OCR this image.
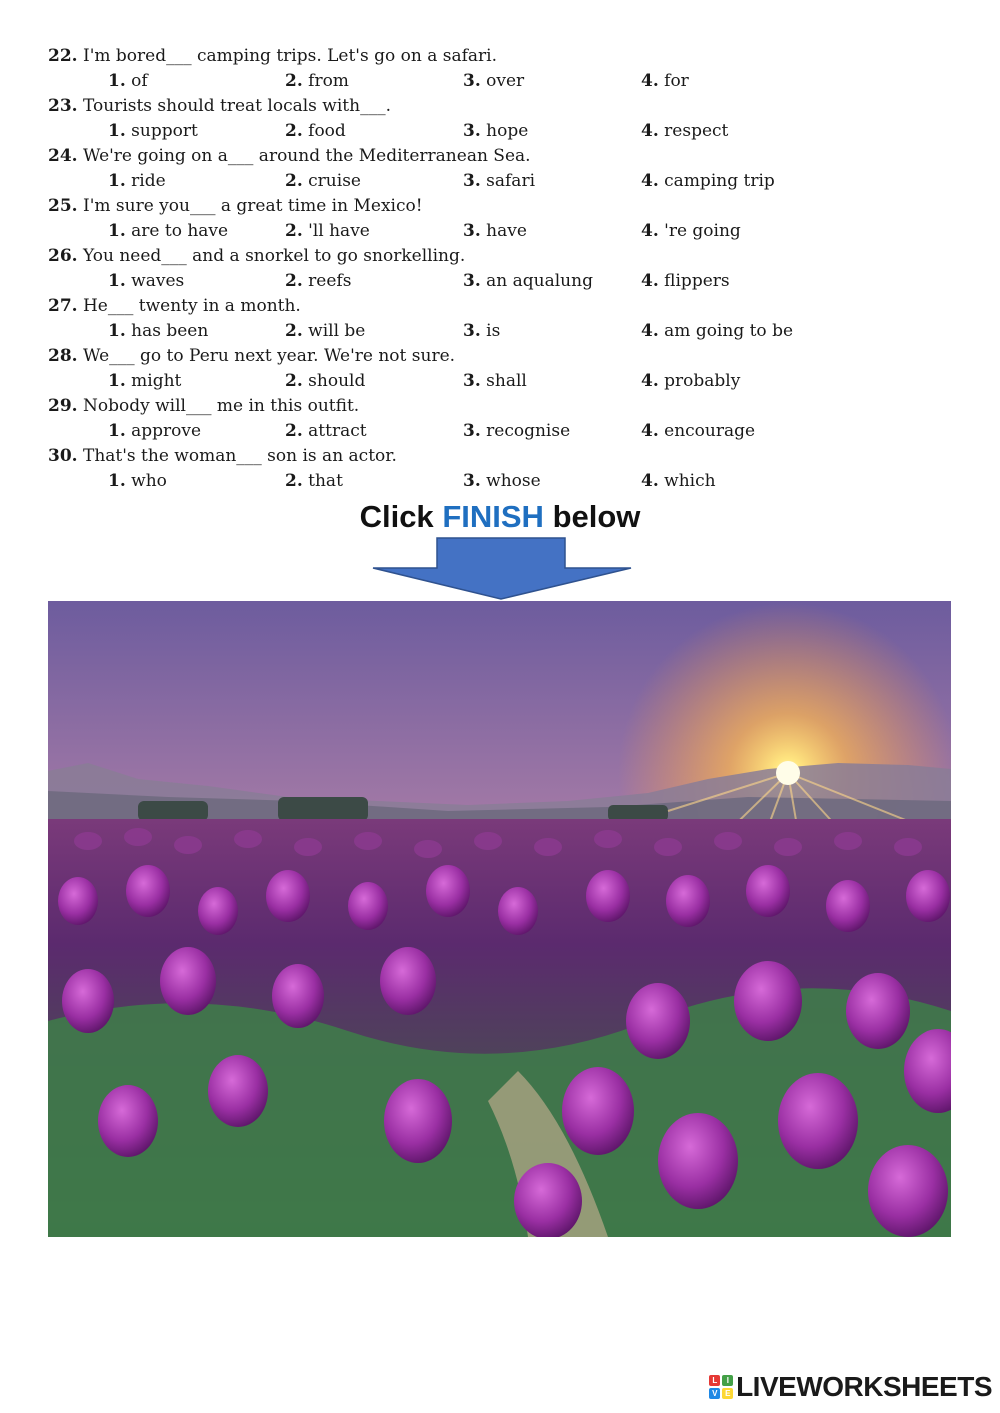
22. I'm bored___ camping trips. Let's go on a safari.
1. of	2. from	3. over	4. for
23. Tourists should treat locals with___.
1. support	2. food	3. hope	4. respect
24. We're going on a___ around the Mediterranean Sea.
1. ride	2. cruise	3. safari	4. camping trip
25. I'm sure you___ a great time in Mexico!
1. are to have	2. 'll have	3. have	4. 're going
26. You need___ and a snorkel to go snorkelling.
1. waves	2. reefs	3. an aqualung	4. flippers
27. He___ twenty in a month.
1. has been	2. will be	3. is	4. am going to be
28. We___ go to Peru next year. We're not sure.
1. might	2. should	3. shall	4. probably
29. Nobody will___ me in this outfit.
1. approve	2. attract	3. recognise	4. encourage
30. That's the woman___ son is an actor.
1. who	2. that	3. whose	4. which
Click FINISH below
L	I
V	E LIVEWORKSHEETS
